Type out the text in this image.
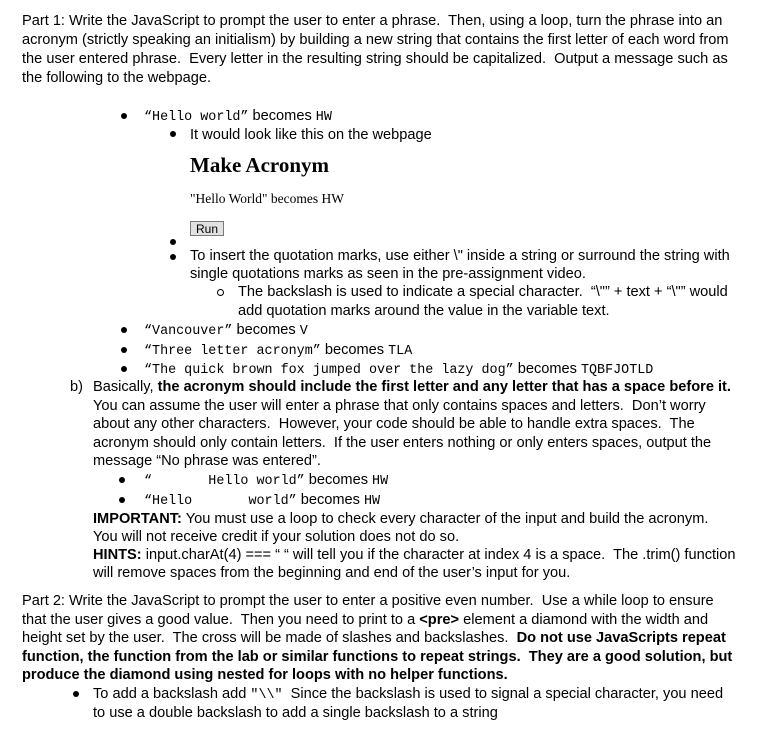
Part 1: Write the JavaScript to prompt the user to enter a phrase.  Then, using a loop, turn the phrase into an
acronym (strictly speaking an initialism) by building a new string that contains the first letter of each word from
the user entered phrase.  Every letter in the resulting string should be capitalized.  Output a message such as
the following to the webpage.
“Hello world” becomes HW
It would look like this on the webpage
Make Acronym
"Hello World" becomes HW
Run
To insert the quotation marks, use either \" inside a string or surround the string with
single quotations marks as seen in the pre-assignment video.
The backslash is used to indicate a special character.  “\"” + text + “\"” would
add quotation marks around the value in the variable text.
“Vancouver” becomes V
“Three letter acronym” becomes TLA
“The quick brown fox jumped over the lazy dog” becomes TQBFJOTLD
b) Basically, the acronym should include the first letter and any letter that has a space before it.
You can assume the user will enter a phrase that only contains spaces and letters.  Don’t worry
about any other characters.  However, your code should be able to handle extra spaces.  The
acronym should only contain letters.  If the user enters nothing or only enters spaces, output the
message “No phrase was entered”.
“       Hello world” becomes HW
“Hello       world” becomes HW
IMPORTANT: You must use a loop to check every character of the input and build the acronym.
You will not receive credit if your solution does not do so.
HINTS: input.charAt(4) === “ “ will tell you if the character at index 4 is a space.  The .trim() function
will remove spaces from the beginning and end of the user’s input for you.
Part 2: Write the JavaScript to prompt the user to enter a positive even number.  Use a while loop to ensure
that the user gives a good value.  Then you need to print to a <pre> element a diamond with the width and
height set by the user.  The cross will be made of slashes and backslashes.  Do not use JavaScripts repeat
function, the function from the lab or similar functions to repeat strings.  They are a good solution, but
produce the diamond using nested for loops with no helper functions.
To add a backslash add "\\"  Since the backslash is used to signal a special character, you need
to use a double backslash to add a single backslash to a string
